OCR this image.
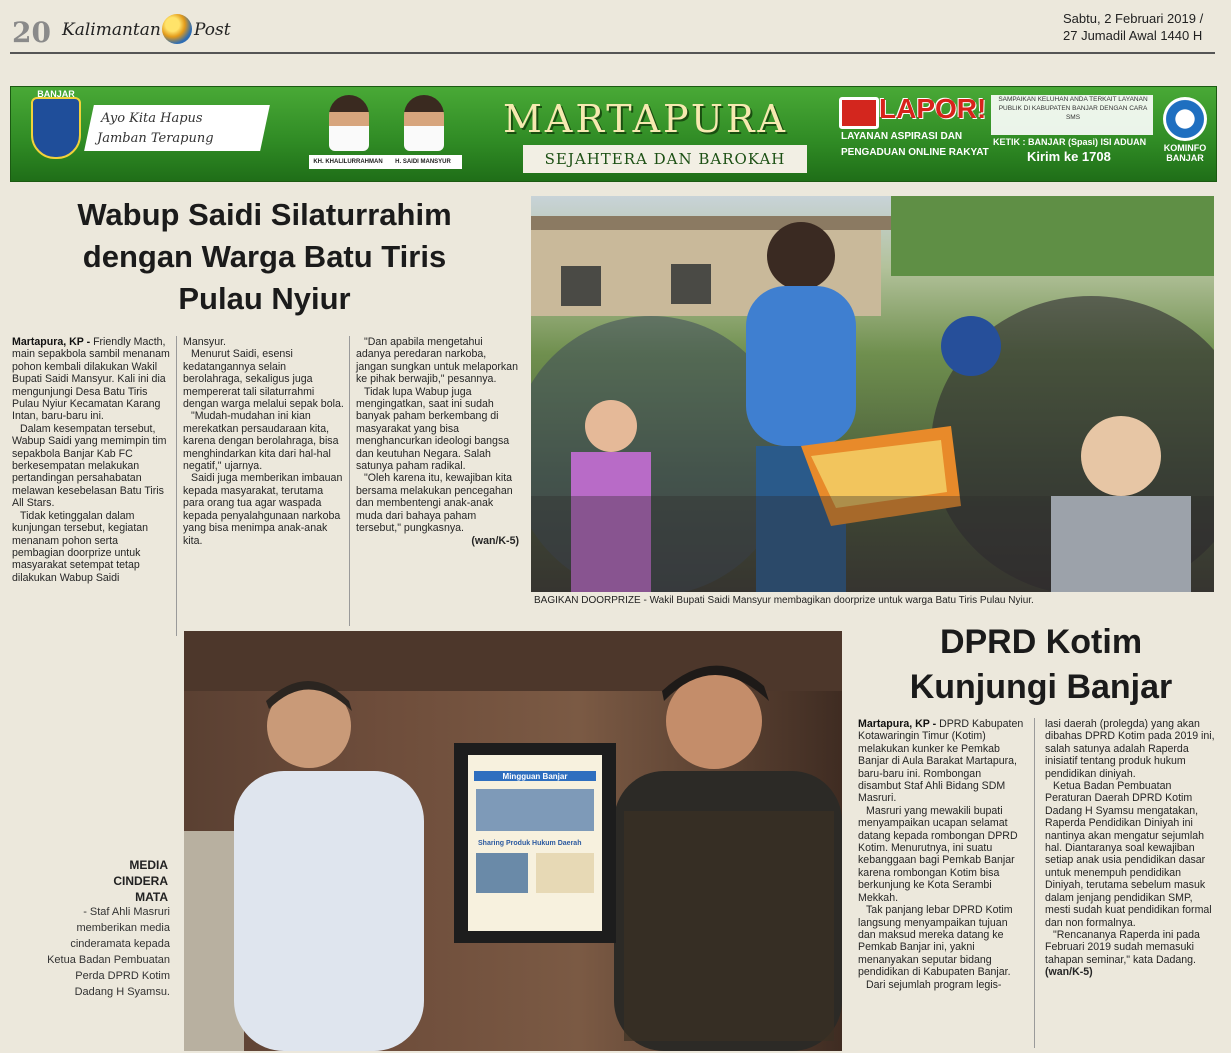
20 Kalimantan Post
Sabtu, 2 Februari 2019 /
27 Jumadil Awal 1440 H
BANJAR
Ayo Kita Hapus
Jamban Terapung
KH. KHALILURRAHMAN	H. SAIDI MANSYUR
MARTAPURA
SEJAHTERA DAN BAROKAH
LAPOR!
LAYANAN ASPIRASI DAN
PENGADUAN ONLINE RAKYAT
SAMPAIKAN KELUHAN ANDA TERKAIT LAYANAN PUBLIK DI KABUPATEN BANJAR DENGAN CARA SMS
KETIK : BANJAR (Spasi) ISI ADUAN
Kirim ke 1708
KOMINFO BANJAR
Wabup Saidi Silaturrahim
dengan Warga Batu Tiris
Pulau Nyiur

Martapura, KP - Friendly Macth, main sepakbola sambil menanam pohon kembali dilakukan Wakil Bupati Saidi Mansyur. Kali ini dia mengunjungi Desa Batu Tiris Pulau Nyiur Kecamatan Karang Intan, baru-baru ini.

Dalam kesempatan tersebut, Wabup Saidi yang memimpin tim sepakbola Banjar Kab FC berkesempatan melakukan pertandingan persahabatan melawan kesebelasan Batu Tiris All Stars.

Tidak ketinggalan dalam kunjungan tersebut, kegiatan menanam pohon serta pembagian doorprize untuk masyarakat setempat tetap dilakukan Wabup Saidi

Mansyur.

Menurut Saidi, esensi kedatangannya selain berolahraga, sekaligus juga mempererat tali silaturrahmi dengan warga melalui sepak bola.

"Mudah-mudahan ini kian merekatkan persaudaraan kita, karena dengan berolahraga, bisa menghindarkan kita dari hal-hal negatif," ujarnya.

Saidi juga memberikan imbauan kepada masyarakat, terutama para orang tua agar waspada kepada penyalahgunaan narkoba yang bisa menimpa anak-anak kita.

"Dan apabila mengetahui adanya peredaran narkoba, jangan sungkan untuk melaporkan ke pihak berwajib," pesannya.

Tidak lupa Wabup juga mengingatkan, saat ini sudah banyak paham berkembang di masyarakat yang bisa menghancurkan ideologi bangsa dan keutuhan Negara. Salah satunya paham radikal.

"Oleh karena itu, kewajiban kita bersama melakukan pencegahan dan membentengi anak-anak muda dari bahaya paham tersebut," pungkasnya.

(wan/K-5)

BAGIKAN DOORPRIZE - Wakil Bupati Saidi Mansyur membagikan doorprize untuk warga Batu Tiris Pulau Nyiur.
Mingguan Banjar
Sharing Produk Hukum Daerah
MEDIA
CINDERA MATA
- Staf Ahli Masruri memberikan media cinderamata kepada Ketua Badan Pembuatan Perda DPRD Kotim Dadang H Syamsu.
DPRD Kotim
Kunjungi Banjar

Martapura, KP - DPRD Kabupaten Kotawaringin Timur (Kotim) melakukan kunker ke Pemkab Banjar di Aula Barakat Martapura, baru-baru ini. Rombongan disambut Staf Ahli Bidang SDM Masruri.

Masruri yang mewakili bupati menyampaikan ucapan selamat datang kepada rombongan DPRD Kotim. Menurutnya, ini suatu kebanggaan bagi Pemkab Banjar karena rombongan Kotim bisa berkunjung ke Kota Serambi Mekkah.

Tak panjang lebar DPRD Kotim langsung menyampaikan tujuan dan maksud mereka datang ke Pemkab Banjar ini, yakni menanyakan seputar bidang pendidikan di Kabupaten Banjar.

Dari sejumlah program legis-

lasi daerah (prolegda) yang akan dibahas DPRD Kotim pada 2019 ini, salah satunya adalah Raperda inisiatif tentang produk hukum pendidikan diniyah.

Ketua Badan Pembuatan Peraturan Daerah DPRD Kotim Dadang H Syamsu mengatakan, Raperda Pendidikan Diniyah ini nantinya akan mengatur sejumlah hal. Diantaranya soal kewajiban setiap anak usia pendidikan dasar untuk menempuh pendidikan Diniyah, terutama sebelum masuk dalam jenjang pendidikan SMP, mesti sudah kuat pendidikan formal dan non formalnya.

"Rencananya Raperda ini pada Februari 2019 sudah memasuki tahapan seminar," kata Dadang. (wan/K-5)
